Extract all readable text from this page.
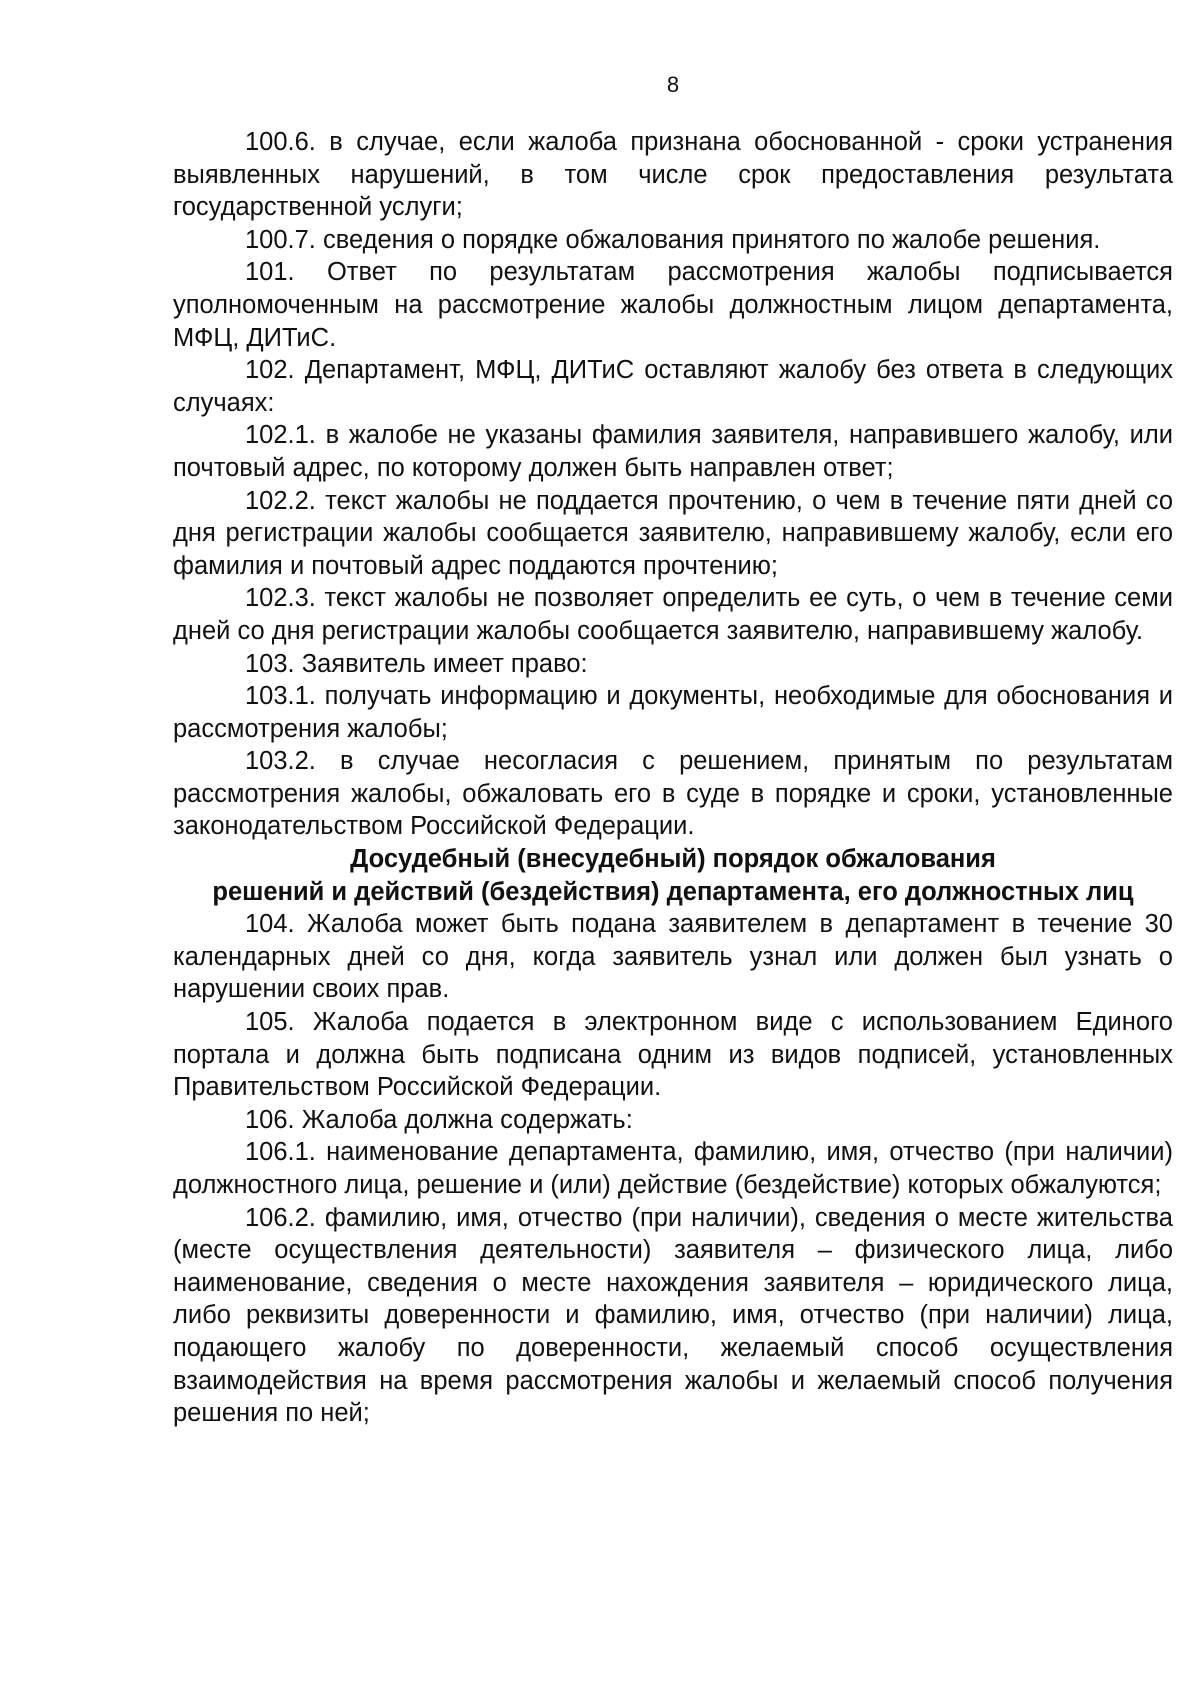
8

100.6. в случае, если жалоба признана обоснованной - сроки устранения выявленных нарушений, в том числе срок предоставления результата государственной услуги;

100.7. сведения о порядке обжалования принятого по жалобе решения.

101. Ответ по результатам рассмотрения жалобы подписывается уполномоченным на рассмотрение жалобы должностным лицом департамента, МФЦ, ДИТиС.

102. Департамент, МФЦ, ДИТиС оставляют жалобу без ответа в следующих случаях:

102.1. в жалобе не указаны фамилия заявителя, направившего жалобу, или почтовый адрес, по которому должен быть направлен ответ;

102.2. текст жалобы не поддается прочтению, о чем в течение пяти дней со дня регистрации жалобы сообщается заявителю, направившему жалобу, если его фамилия и почтовый адрес поддаются прочтению;

102.3. текст жалобы не позволяет определить ее суть, о чем в течение семи дней со дня регистрации жалобы сообщается заявителю, направившему жалобу.

103. Заявитель имеет право:

103.1. получать информацию и документы, необходимые для обоснования и рассмотрения жалобы;

103.2. в случае несогласия с решением, принятым по результатам рассмотрения жалобы, обжаловать его в суде в порядке и сроки, установленные законодательством Российской Федерации.

Досудебный (внесудебный) порядок обжалования
решений и действий (бездействия) департамента, его должностных лиц

104. Жалоба может быть подана заявителем в департамент в течение 30 календарных дней со дня, когда заявитель узнал или должен был узнать о нарушении своих прав.

105. Жалоба подается в электронном виде с использованием Единого портала и должна быть подписана одним из видов подписей, установленных Правительством Российской Федерации.

106. Жалоба должна содержать:

106.1. наименование департамента, фамилию, имя, отчество (при наличии) должностного лица, решение и (или) действие (бездействие) которых обжалуются;

106.2. фамилию, имя, отчество (при наличии), сведения о месте жительства (месте осуществления деятельности) заявителя – физического лица, либо наименование, сведения о месте нахождения заявителя – юридического лица, либо реквизиты доверенности и фамилию, имя, отчество (при наличии) лица, подающего жалобу по доверенности, желаемый способ осуществления взаимодействия на время рассмотрения жалобы и желаемый способ получения решения по ней;
